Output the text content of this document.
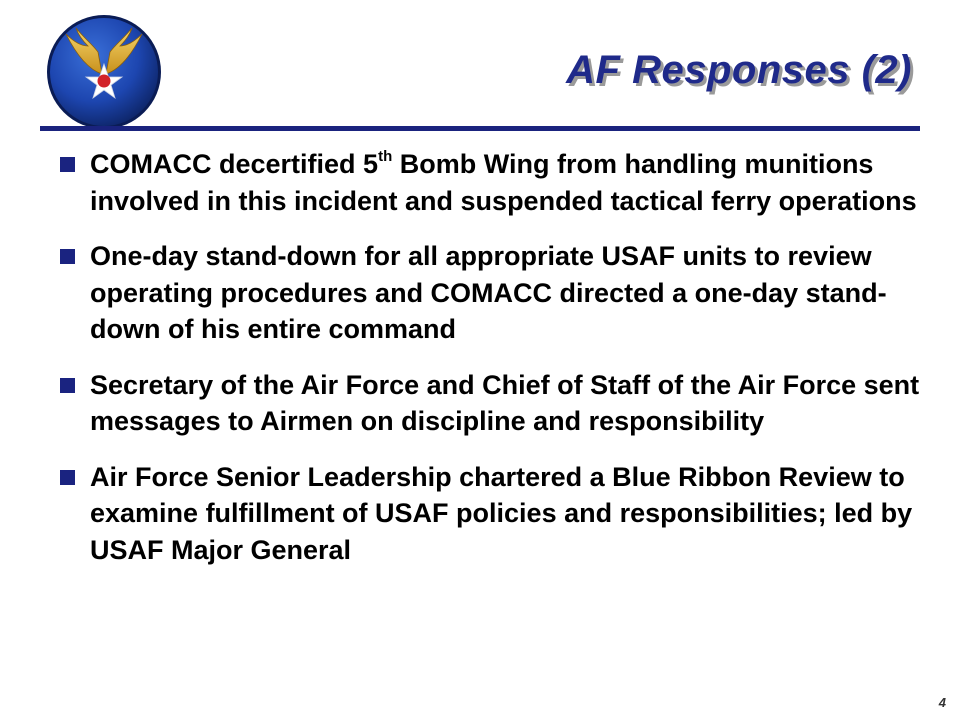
AF Responses (2)
COMACC decertified 5th Bomb Wing from handling munitions involved in this incident and suspended tactical ferry operations
One-day stand-down for all appropriate USAF units to review operating procedures and COMACC directed a one-day stand-down of his entire command
Secretary of the Air Force and Chief of Staff of the Air Force sent messages to Airmen on discipline and responsibility
Air Force Senior Leadership chartered a Blue Ribbon Review to examine fulfillment of USAF policies and responsibilities; led by USAF Major General
4
